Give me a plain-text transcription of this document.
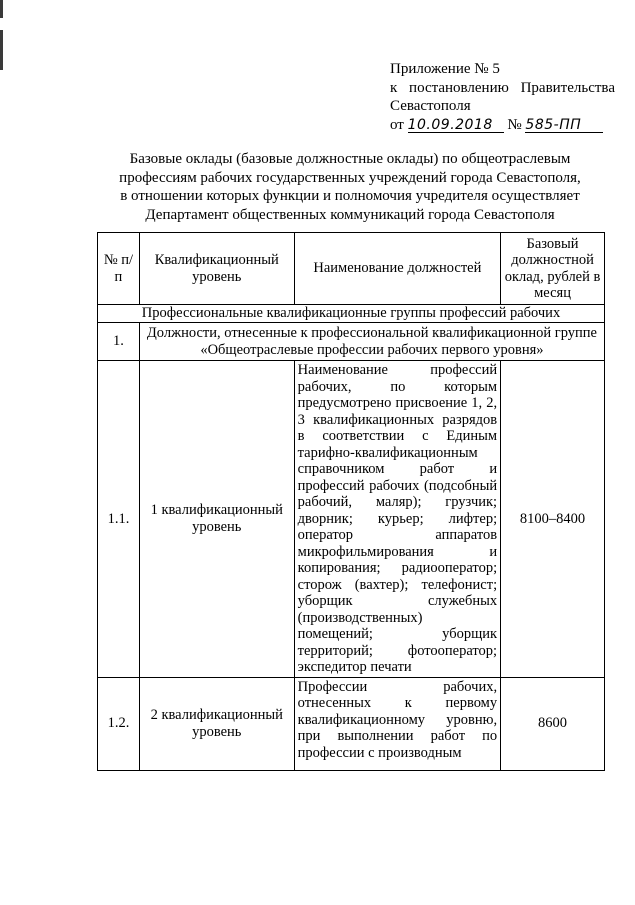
Приложение № 5
к постановлению Правительства
Севастополя
от 10.09.2018 № 585-ПП
Базовые оклады (базовые должностные оклады) по общеотраслевым
профессиям рабочих государственных учреждений города Севастополя,
в отношении которых функции и полномочия учредителя осуществляет
Департамент общественных коммуникаций города Севастополя
№ п/п	Квалификационный уровень	Наименование должностей	Базовый должностной оклад, рублей в месяц
Профессиональные квалификационные группы профессий рабочих			
1.	Должности, отнесенные к профессиональной квалификационной группе «Общеотраслевые профессии рабочих первого уровня»		
1.1.	1 квалификационный уровень	Наименование профессий рабочих, по которым предусмотрено присвоение 1, 2, 3 квалификационных разрядов в соответствии с Единым тарифно-квалификационным справочником работ и профессий рабочих (подсобный рабочий, маляр); грузчик; дворник; курьер; лифтер; оператор аппаратов микрофильмирования и копирования; радиооператор; сторож (вахтер); телефонист; уборщик служебных (производственных) помещений; уборщик территорий; фотооператор; экспедитор печати	8100–8400
1.2.	2 квалификационный уровень	Профессии рабочих, отнесенных к первому квалификационному уровню, при выполнении работ по профессии с производным	8600
